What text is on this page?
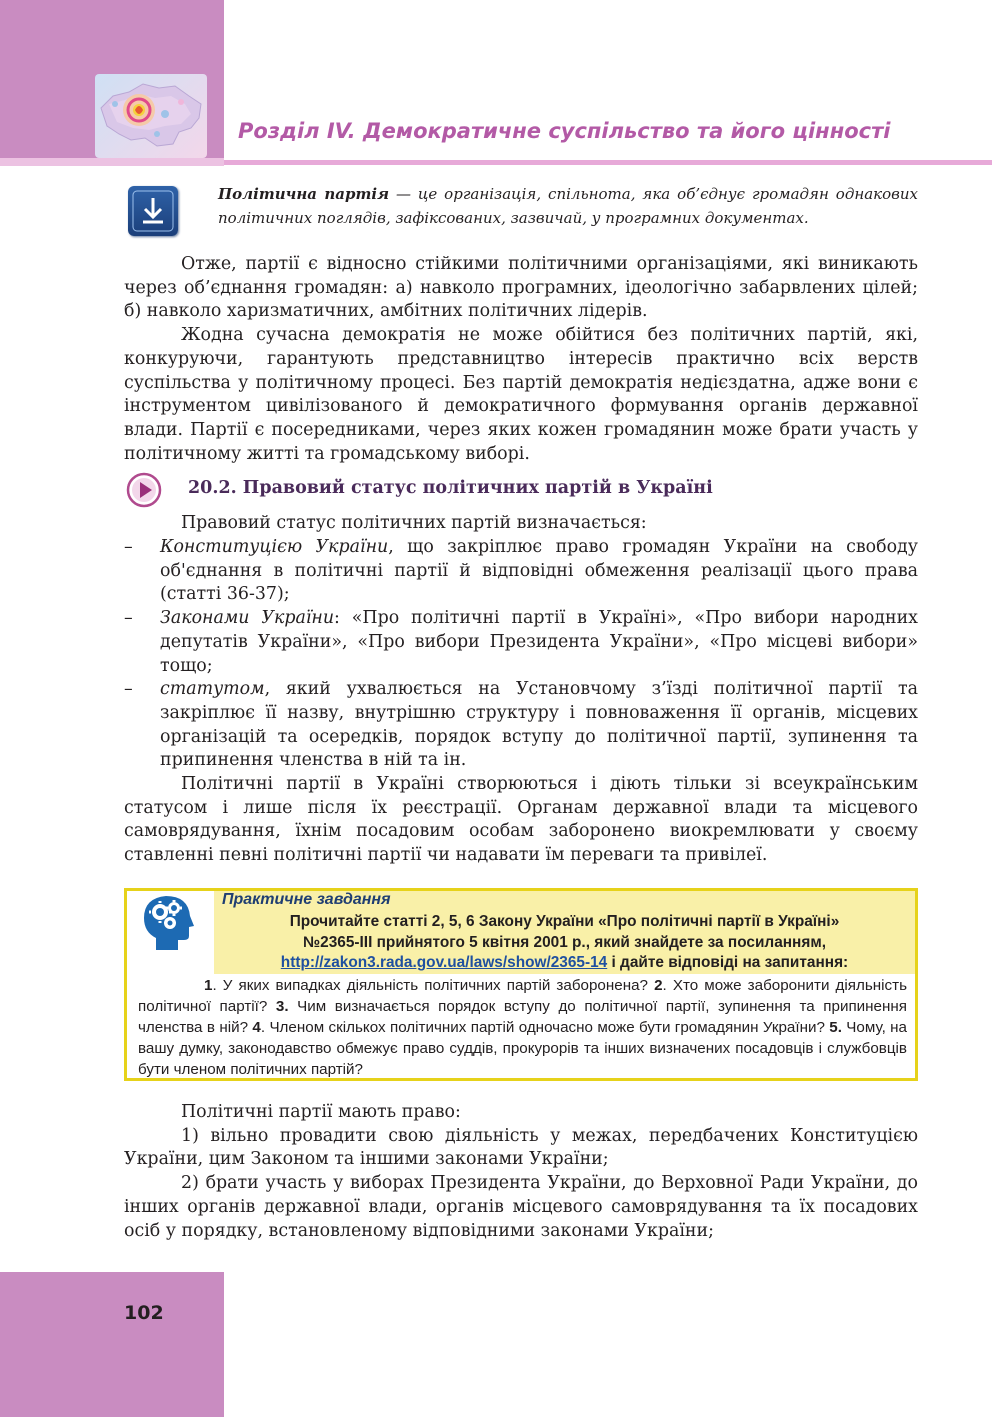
Розділ IV. Демократичне суспільство та його цінності
Політична партія — це організація, спільнота, яка об’єднує громадян однакових політичних поглядів, зафіксованих, зазвичай, у програмних документах.

Отже, партії є відносно стійкими політичними організаціями, які виникають через об’єднання громадян: а) навколо програмних, ідеологічно забарвлених цілей; б) навколо харизматичних, амбітних політичних лідерів.

Жодна сучасна демократія не може обійтися без політичних партій, які, конкуруючи, гарантують представництво інтересів практично всіх верств суспільства у політичному процесі. Без партій демократія недієздатна, адже вони є інструментом цивілізованого й демократичного формування органів державної влади. Партії є посередниками, через яких кожен громадянин може брати участь у політичному житті та громадському виборі.

20.2. Правовий статус політичних партій в Україні

Правовий статус політичних партій визначається:

– Конституцією України, що закріплює право громадян України на свободу об'єднання в політичні партії й відповідні обмеження реалізації цього права (статті 36-37);
– Законами України: «Про політичні партії в Україні», «Про вибори народних депутатів України», «Про вибори Президента України», «Про місцеві вибори» тощо;
– статутом, який ухвалюється на Установчому з’їзді політичної партії та закріплює її назву, внутрішню структуру і повноваження її органів, місцевих організацій та осередків, порядок вступу до політичної партії, зупинення та припинення членства в ній та ін.

Політичні партії в Україні створюються і діють тільки зі всеукраїнським статусом і лише після їх реєстрації. Органам державної влади та місцевого самоврядування, їхнім посадовим особам заборонено виокремлювати у своєму ставленні певні політичні партії чи надавати їм переваги та привілеї.

Практичне завдання
Прочитайте статті 2, 5, 6 Закону України «Про політичні партії в Україні»
№2365-ІІІ прийнятого 5 квітня 2001 р., який знайдете за посиланням,
http://zakon3.rada.gov.ua/laws/show/2365-14 і дайте відповіді на запитання:
1. У яких випадках діяльність політичних партій заборонена? 2. Хто може заборонити діяльність політичної партії? 3. Чим визначається порядок вступу до політичної партії, зупинення та припинення членства в ній? 4. Членом скількох політичних партій одночасно може бути громадянин України? 5. Чому, на вашу думку, законодавство обмежує право суддів, прокурорів та інших визначених посадовців і службовців бути членом політичних партій?

Політичні партії мають право:

1) вільно провадити свою діяльність у межах, передбачених Конституцією України, цим Законом та іншими законами України;

2) брати участь у виборах Президента України, до Верховної Ради України, до інших органів державної влади, органів місцевого самоврядування та їх посадових осіб у порядку, встановленому відповідними законами України;

102
